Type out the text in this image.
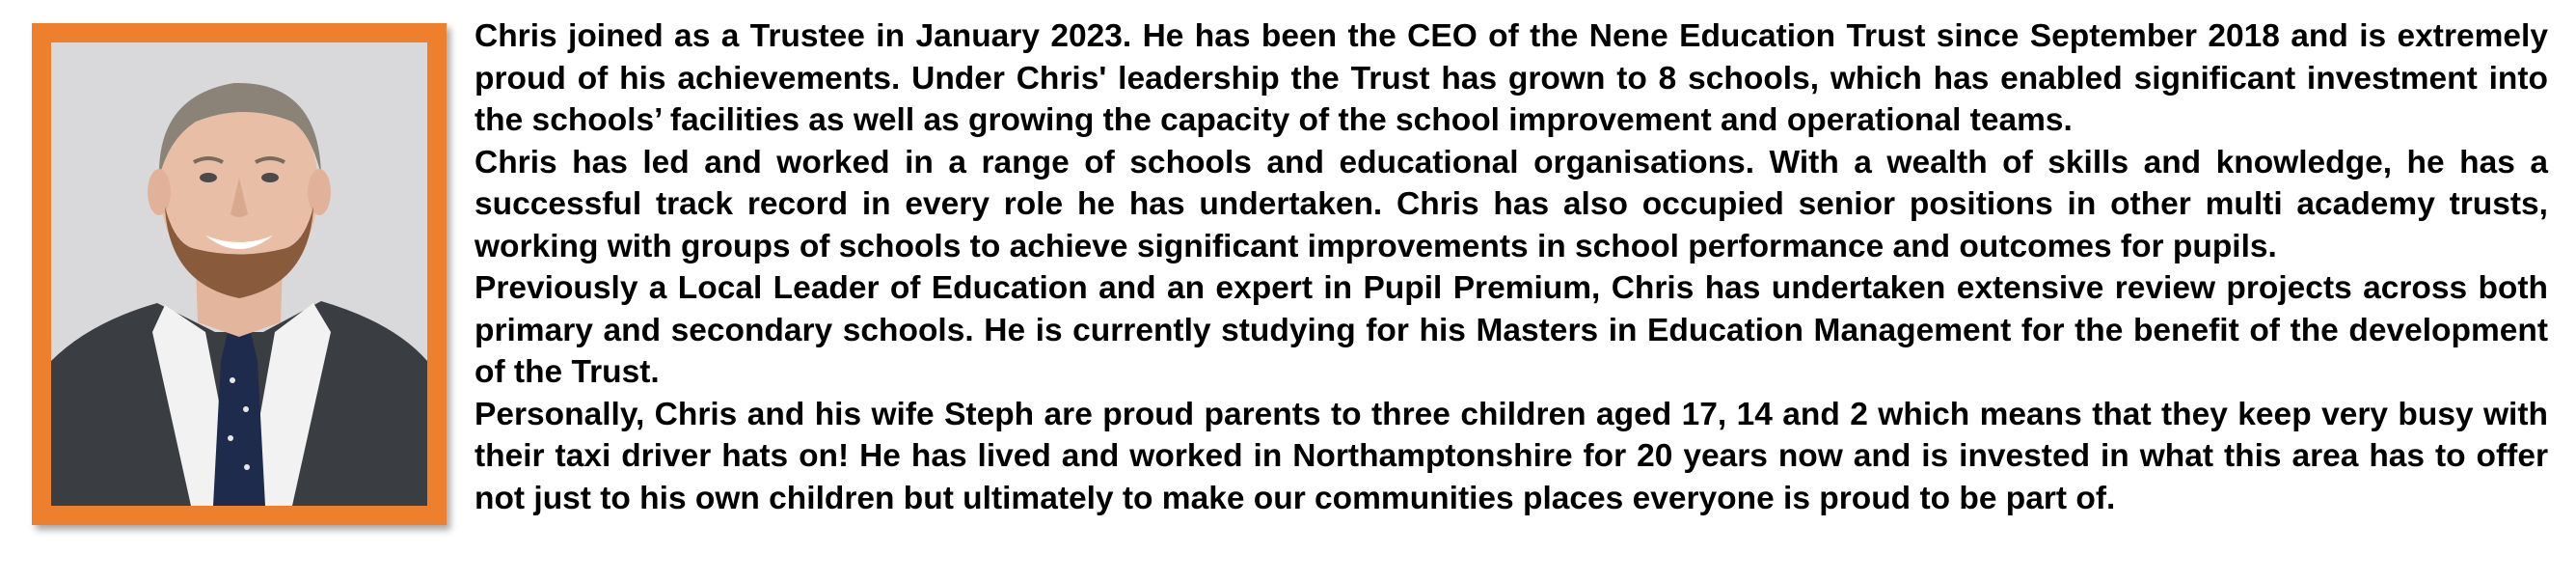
Chris joined as a Trustee in January 2023. He has been the CEO of the Nene Education Trust since September 2018 and is extremely proud of his achievements. Under Chris' leadership the Trust has grown to 8 schools, which has enabled significant investment into the schools’ facilities as well as growing the capacity of the school improvement and operational teams.

Chris has led and worked in a range of schools and educational organisations. With a wealth of skills and knowledge, he has a successful track record in every role he has undertaken. Chris has also occupied senior positions in other multi academy trusts, working with groups of schools to achieve significant improvements in school performance and outcomes for pupils.

Previously a Local Leader of Education and an expert in Pupil Premium, Chris has undertaken extensive review projects across both primary and secondary schools. He is currently studying for his Masters in Education Management for the benefit of the development of the Trust.

Personally, Chris and his wife Steph are proud parents to three children aged 17, 14 and 2 which means that they keep very busy with their taxi driver hats on! He has lived and worked in Northamptonshire for 20 years now and is invested in what this area has to offer not just to his own children but ultimately to make our communities places everyone is proud to be part of.
